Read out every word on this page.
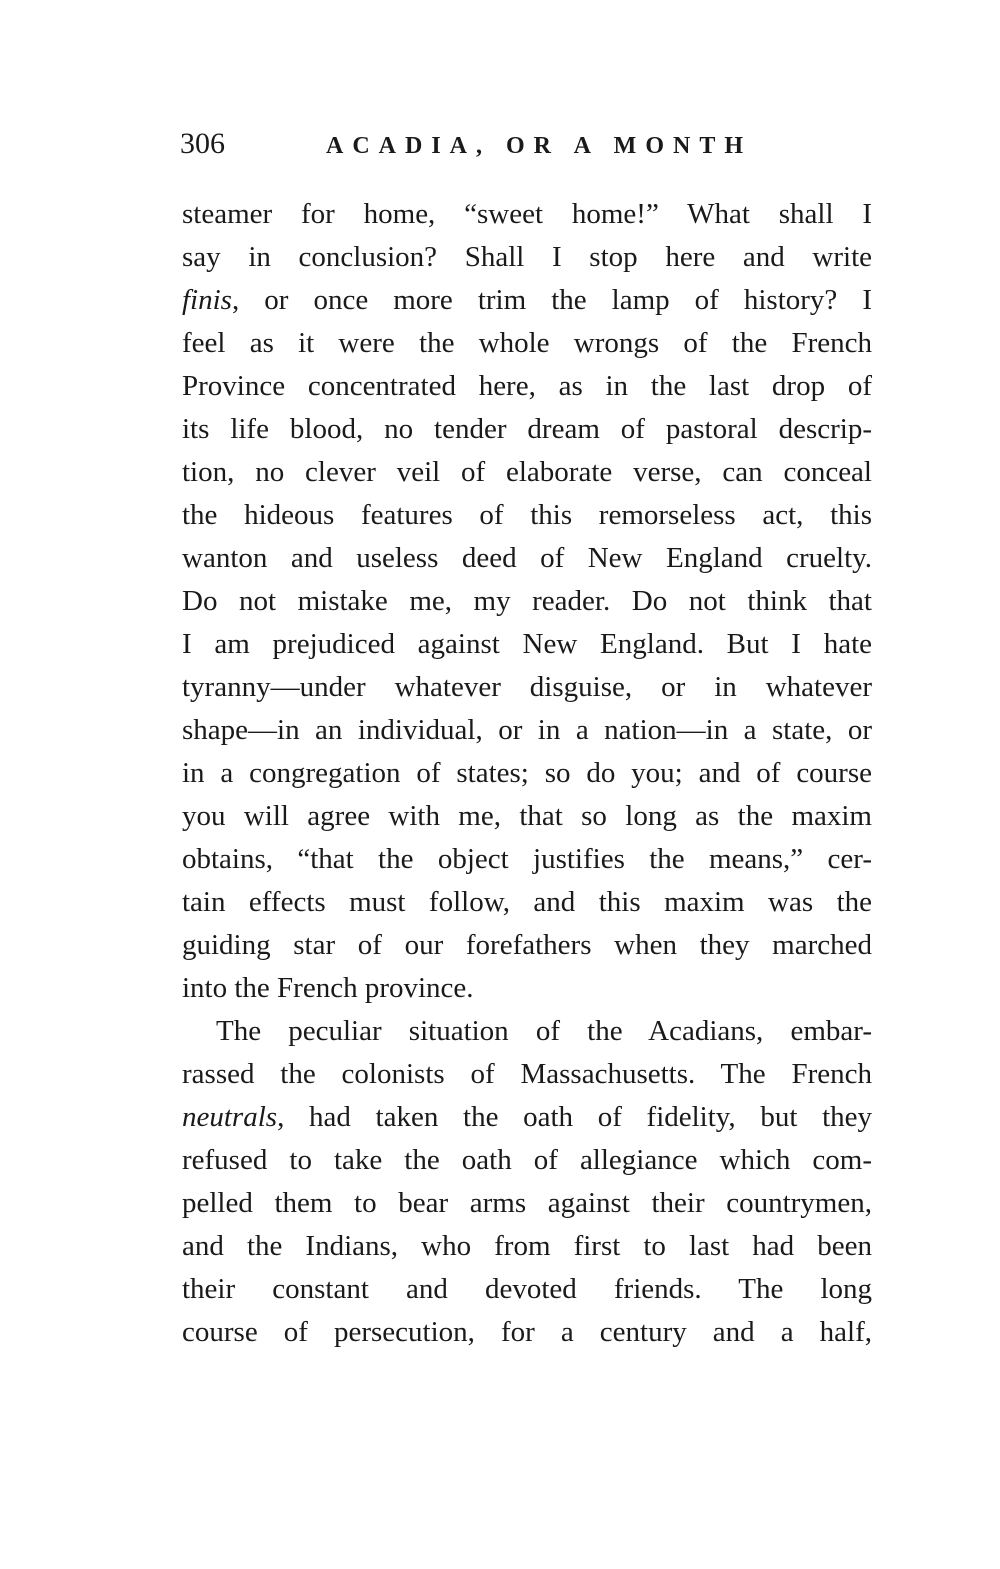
306	ACADIA, OR A MONTH
steamer for home, “sweet home!” What shall I
say in conclusion? Shall I stop here and write
finis, or once more trim the lamp of history? I
feel as it were the whole wrongs of the French
Province concentrated here, as in the last drop of
its life blood, no tender dream of pastoral descrip-
tion, no clever veil of elaborate verse, can conceal
the hideous features of this remorseless act, this
wanton and useless deed of New England cruelty.
Do not mistake me, my reader. Do not think that
I am prejudiced against New England. But I hate
tyranny—under whatever disguise, or in whatever
shape—in an individual, or in a nation—in a state, or
in a congregation of states; so do you; and of course
you will agree with me, that so long as the maxim
obtains, “that the object justifies the means,” cer-
tain effects must follow, and this maxim was the
guiding star of our forefathers when they marched
into the French province.
The peculiar situation of the Acadians, embar-
rassed the colonists of Massachusetts. The French
neutrals, had taken the oath of fidelity, but they
refused to take the oath of allegiance which com-
pelled them to bear arms against their countrymen,
and the Indians, who from first to last had been
their constant and devoted friends. The long
course of persecution, for a century and a half,
